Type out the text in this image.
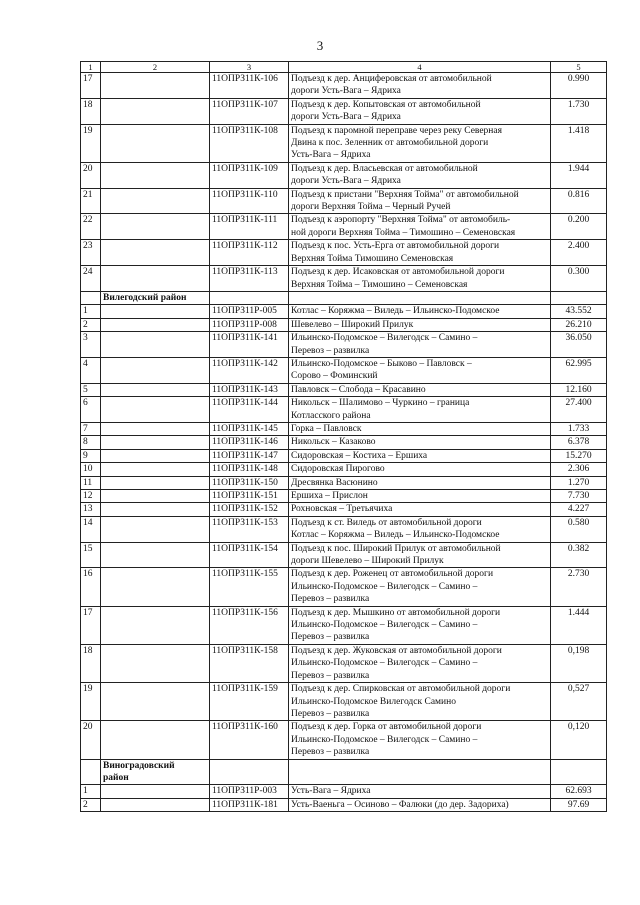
3
1	2	3	4	5
17		11ОПРЗ11К-106	Подъезд к дер. Анциферовская от автомобильной
дороги Усть-Вага – Ядриха	0.990
18		11ОПРЗ11К-107	Подъезд к дер. Копытовская от автомобильной
дороги Усть-Вага – Ядриха	1.730
19		11ОПРЗ11К-108	Подъезд к паромной переправе через реку Северная
Двина к пос. Зеленник от автомобильной дороги
Усть-Вага – Ядриха	1.418
20		11ОПРЗ11К-109	Подъезд к дер. Власьевская от автомобильной
дороги Усть-Вага – Ядриха	1.944
21		11ОПРЗ11К-110	Подъезд к пристани "Верхняя Тойма" от автомобильной
дороги Верхняя Тойма – Черный Ручей	0.816
22		11ОПРЗ11К-111	Подъезд к аэропорту "Верхняя Тойма" от автомобиль-
ной дороги Верхняя Тойма – Тимошино – Семеновская	0.200
23		11ОПРЗ11К-112	Подъезд к пос. Усть-Ерга от автомобильной дороги
Верхняя Тойма Тимошино Семеновская	2.400
24		11ОПРЗ11К-113	Подъезд к дер. Исаковская от автомобильной дороги
Верхняя Тойма – Тимошино – Семеновская	0.300
	Вилегодский район			
1		11ОПРЗ11Р-005	Котлас – Коряжма – Виледь – Ильинско-Подомское	43.552
2		11ОПРЗ11Р-008	Шевелево – Широкий Прилук	26.210
3		11ОПРЗ11К-141	Ильинско-Подомское – Вилегодск – Самино –
Перевоз – развилка	36.050
4		11ОПРЗ11К-142	Ильинско-Подомское – Быково – Павловск –
Сорово – Фоминский	62.995
5		11ОПРЗ11К-143	Павловск – Слобода – Красавино	12.160
6		11ОПРЗ11К-144	Никольск – Шалимово – Чуркино – граница
Котласского района	27.400
7		11ОПРЗ11К-145	Горка – Павловск	1.733
8		11ОПРЗ11К-146	Никольск – Казаково	6.378
9		11ОПРЗ11К-147	Сидоровская – Костиха – Ершиха	15.270
10		11ОПРЗ11К-148	Сидоровская Пирогово	2.306
11		11ОПРЗ11К-150	Дресвянка Васюнино	1.270
12		11ОПРЗ11К-151	Ершиха – Прислон	7.730
13		11ОПРЗ11К-152	Рохновская – Третьячиха	4.227
14		11ОПРЗ11К-153	Подъезд к ст. Виледь от автомобильной дороги
Котлас – Коряжма – Виледь – Ильинско-Подомское	0.580
15		11ОПРЗ11К-154	Подъезд к пос. Широкий Прилук от автомобильной
дороги Шевелево – Широкий Прилук	0.382
16		11ОПРЗ11К-155	Подъезд к дер. Роженец от автомобильной дороги
Ильинско-Подомское – Вилегодск – Самино –
Перевоз – развилка	2.730
17		11ОПРЗ11К-156	Подъезд к дер. Мышкино от автомобильной дороги
Ильинско-Подомское – Вилегодск – Самино –
Перевоз – развилка	1.444
18		11ОПРЗ11К-158	Подъезд к дер. Жуковская от автомобильной дороги
Ильинско-Подомское – Вилегодск – Самино –
Перевоз – развилка	0,198
19		11ОПРЗ11К-159	Подъезд к дер. Спирковская от автомобильной дороги
Ильинско-Подомское Вилегодск Самино
Перевоз – развилка	0,527
20		11ОПРЗ11К-160	Подъезд к дер. Горка от автомобильной дороги
Ильинско-Подомское – Вилегодск – Самино –
Перевоз – развилка	0,120
	Виноградовский
район			
1		11ОПРЗ11Р-003	Усть-Вага – Ядриха	62.693
2		11ОПРЗ11К-181	Усть-Ваеньга – Осиново – Фалюки (до дер. Задориха)	97.69
